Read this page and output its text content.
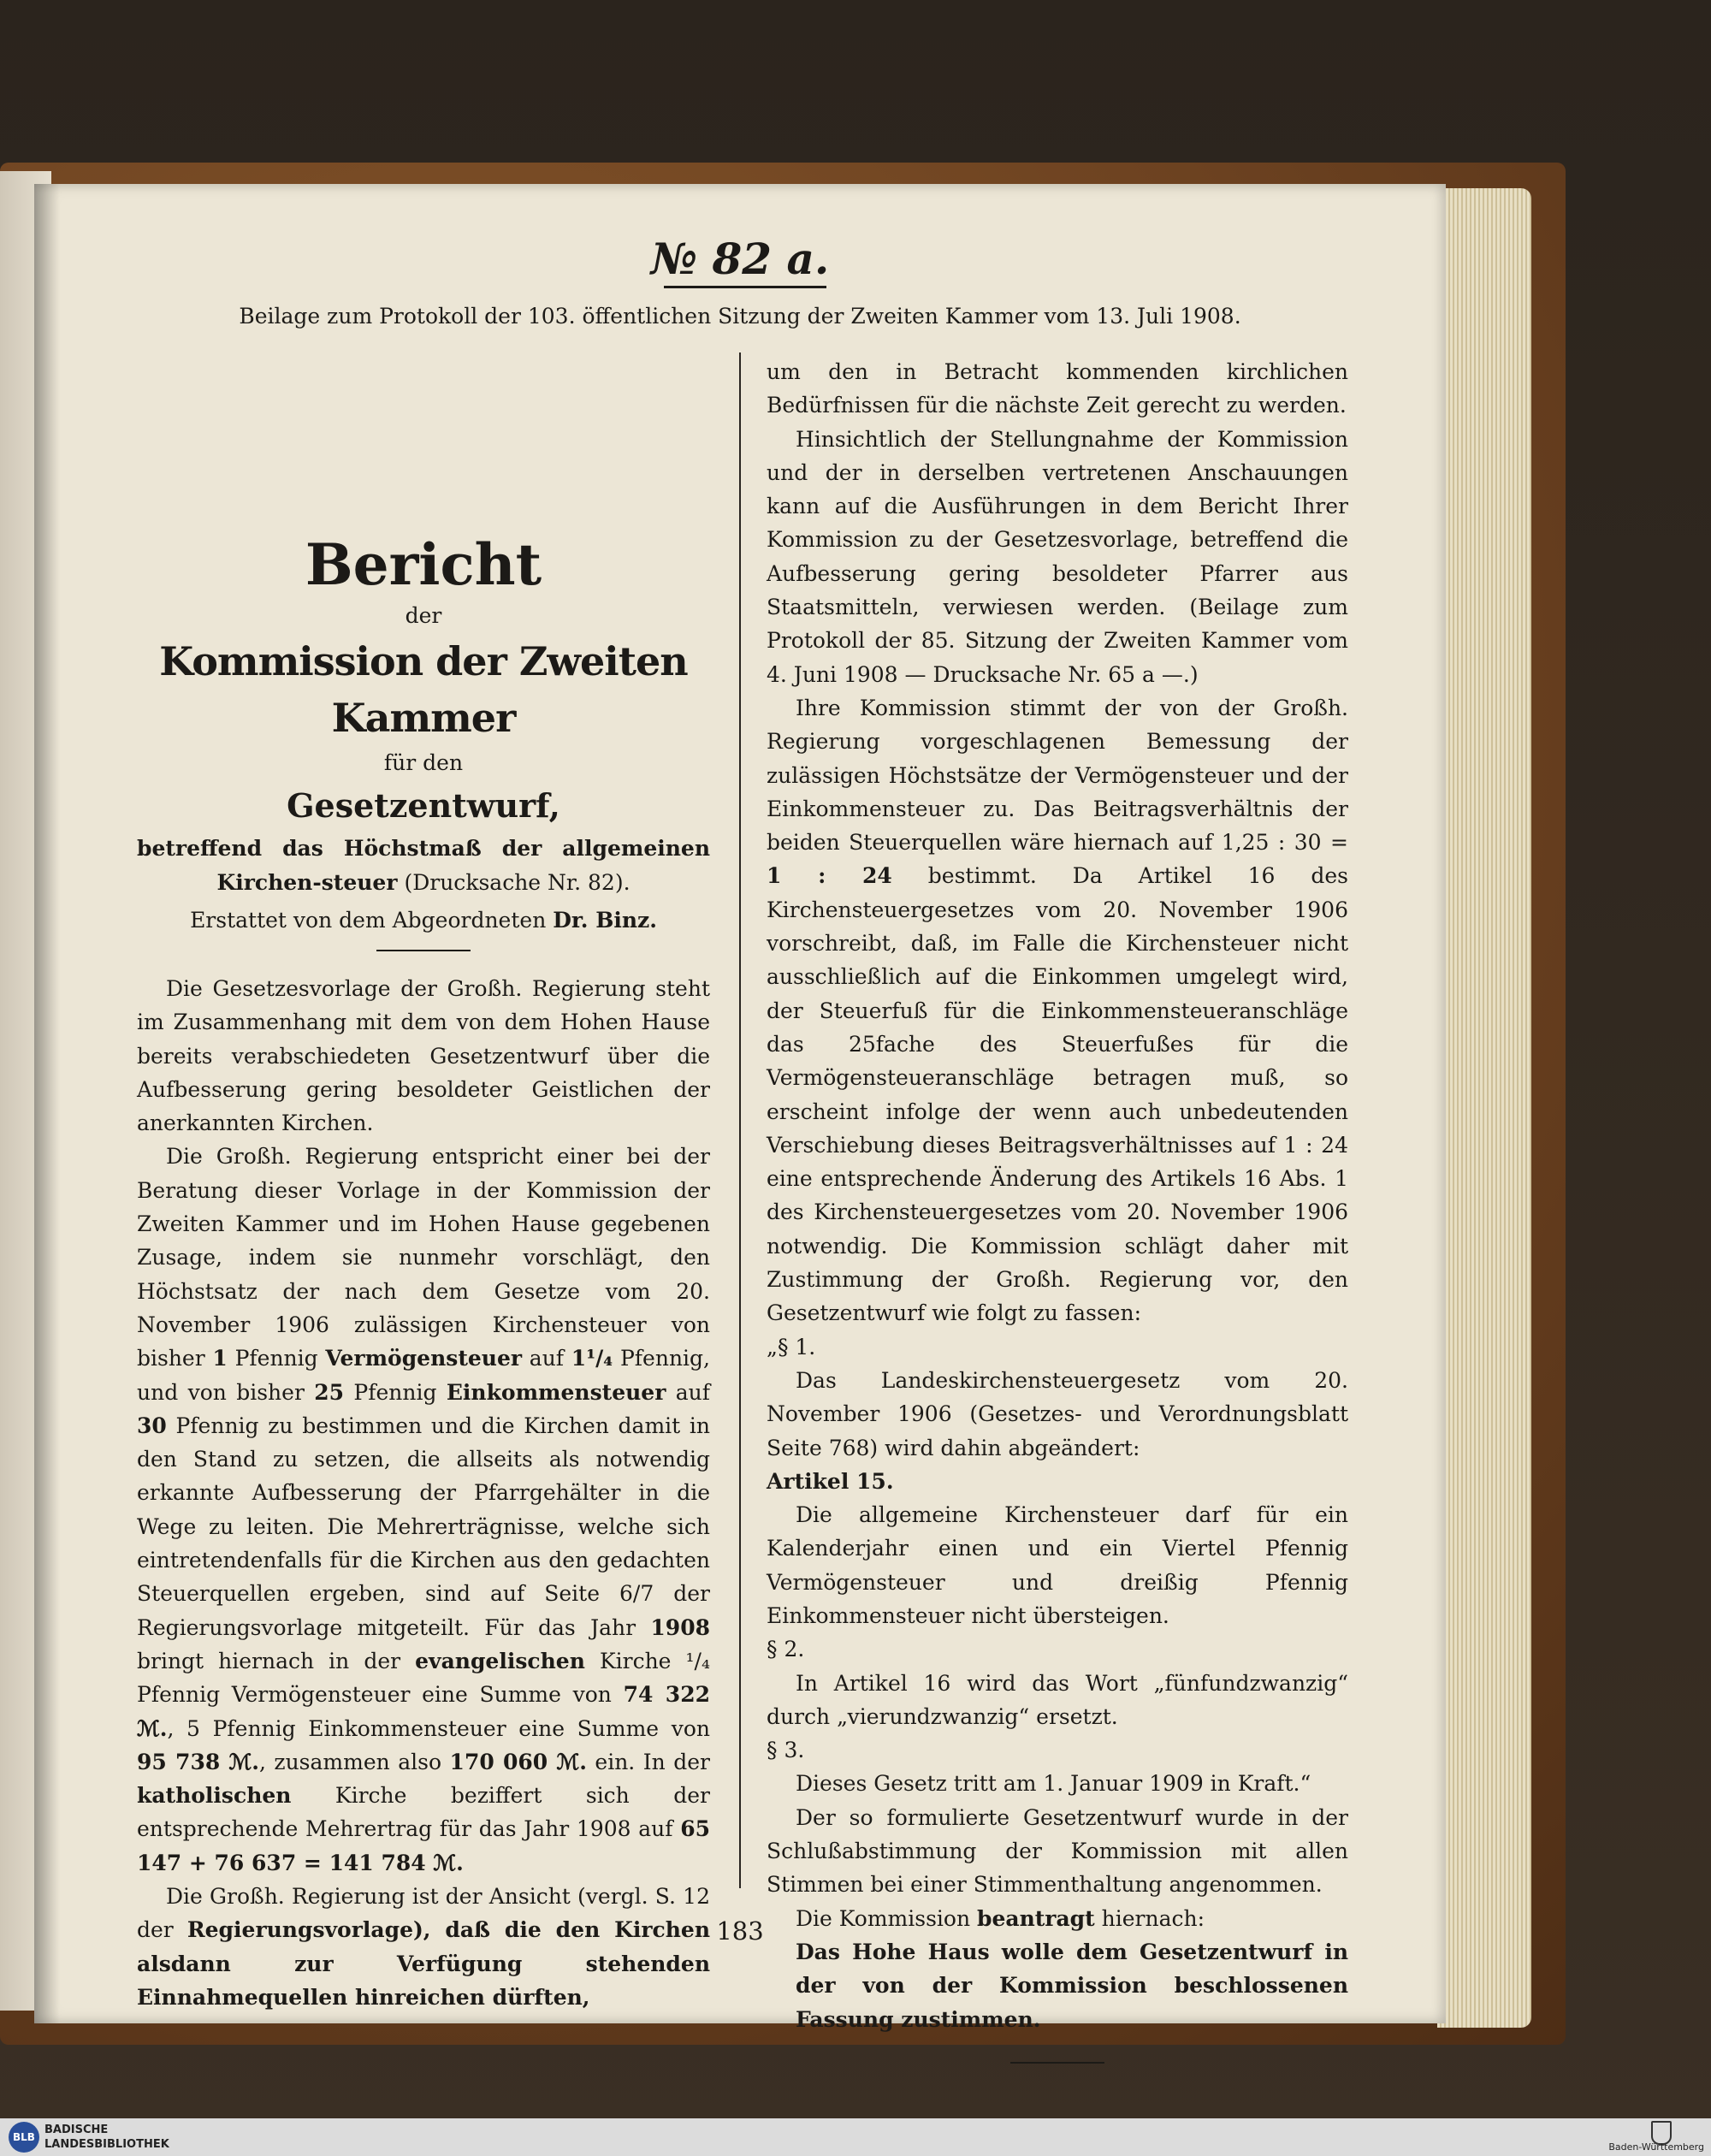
№ 82 a.
Beilage zum Protokoll der 103. öffentlichen Sitzung der Zweiten Kammer vom 13. Juli 1908.
Bericht
der
Kommission der Zweiten Kammer
für den
Gesetzentwurf,
betreffend das Höchstmaß der allgemeinen Kirchen-steuer (Drucksache Nr. 82).
Erstattet von dem Abgeordneten Dr. Binz.

Die Gesetzesvorlage der Großh. Regierung steht im Zusammenhang mit dem von dem Hohen Hause bereits verabschiedeten Gesetzentwurf über die Aufbesserung gering besoldeter Geistlichen der anerkannten Kirchen.

Die Großh. Regierung entspricht einer bei der Beratung dieser Vorlage in der Kommission der Zweiten Kammer und im Hohen Hause gegebenen Zusage, indem sie nunmehr vorschlägt, den Höchstsatz der nach dem Gesetze vom 20. November 1906 zulässigen Kirchensteuer von bisher 1 Pfennig Vermögensteuer auf 1¹/₄ Pfennig, und von bisher 25 Pfennig Einkommensteuer auf 30 Pfennig zu bestimmen und die Kirchen damit in den Stand zu setzen, die allseits als notwendig erkannte Aufbesserung der Pfarrgehälter in die Wege zu leiten. Die Mehrerträgnisse, welche sich eintretendenfalls für die Kirchen aus den gedachten Steuerquellen ergeben, sind auf Seite 6/7 der Regierungsvorlage mitgeteilt. Für das Jahr 1908 bringt hiernach in der evangelischen Kirche ¹/₄ Pfennig Vermögensteuer eine Summe von 74 322 ℳ., 5 Pfennig Einkommensteuer eine Summe von 95 738 ℳ., zusammen also 170 060 ℳ. ein. In der katholischen Kirche beziffert sich der entsprechende Mehrertrag für das Jahr 1908 auf 65 147 + 76 637 = 141 784 ℳ.

Die Großh. Regierung ist der Ansicht (vergl. S. 12 der Regierungsvorlage), daß die den Kirchen alsdann zur Verfügung stehenden Einnahmequellen hinreichen dürften,

um den in Betracht kommenden kirchlichen Bedürfnissen für die nächste Zeit gerecht zu werden.

Hinsichtlich der Stellungnahme der Kommission und der in derselben vertretenen Anschauungen kann auf die Ausführungen in dem Bericht Ihrer Kommission zu der Gesetzesvorlage, betreffend die Aufbesserung gering besoldeter Pfarrer aus Staatsmitteln, verwiesen werden. (Beilage zum Protokoll der 85. Sitzung der Zweiten Kammer vom 4. Juni 1908 — Drucksache Nr. 65 a —.)

Ihre Kommission stimmt der von der Großh. Regierung vorgeschlagenen Bemessung der zulässigen Höchstsätze der Vermögensteuer und der Einkommensteuer zu. Das Beitragsverhältnis der beiden Steuerquellen wäre hiernach auf 1,25 : 30 = 1 : 24 bestimmt. Da Artikel 16 des Kirchensteuergesetzes vom 20. November 1906 vorschreibt, daß, im Falle die Kirchensteuer nicht ausschließlich auf die Einkommen umgelegt wird, der Steuerfuß für die Einkommensteueranschläge das 25fache des Steuerfußes für die Vermögensteueranschläge betragen muß, so erscheint infolge der wenn auch unbedeutenden Verschiebung dieses Beitragsverhältnisses auf 1 : 24 eine entsprechende Änderung des Artikels 16 Abs. 1 des Kirchensteuergesetzes vom 20. November 1906 notwendig. Die Kommission schlägt daher mit Zustimmung der Großh. Regierung vor, den Gesetzentwurf wie folgt zu fassen:

„§ 1.

Das Landeskirchensteuergesetz vom 20. November 1906 (Gesetzes- und Verordnungsblatt Seite 768) wird dahin abgeändert:

Artikel 15.

Die allgemeine Kirchensteuer darf für ein Kalenderjahr einen und ein Viertel Pfennig Vermögensteuer und dreißig Pfennig Einkommensteuer nicht übersteigen.

§ 2.

In Artikel 16 wird das Wort „fünfundzwanzig“ durch „vierundzwanzig“ ersetzt.

§ 3.

Dieses Gesetz tritt am 1. Januar 1909 in Kraft.“

Der so formulierte Gesetzentwurf wurde in der Schlußabstimmung der Kommission mit allen Stimmen bei einer Stimmenthaltung angenommen.

Die Kommission beantragt hiernach:

Das Hohe Haus wolle dem Gesetzentwurf in der von der Kommission beschlossenen Fassung zustimmen.

183
BLB
BADISCHE
LANDESBIBLIOTHEK	Baden-Württemberg
